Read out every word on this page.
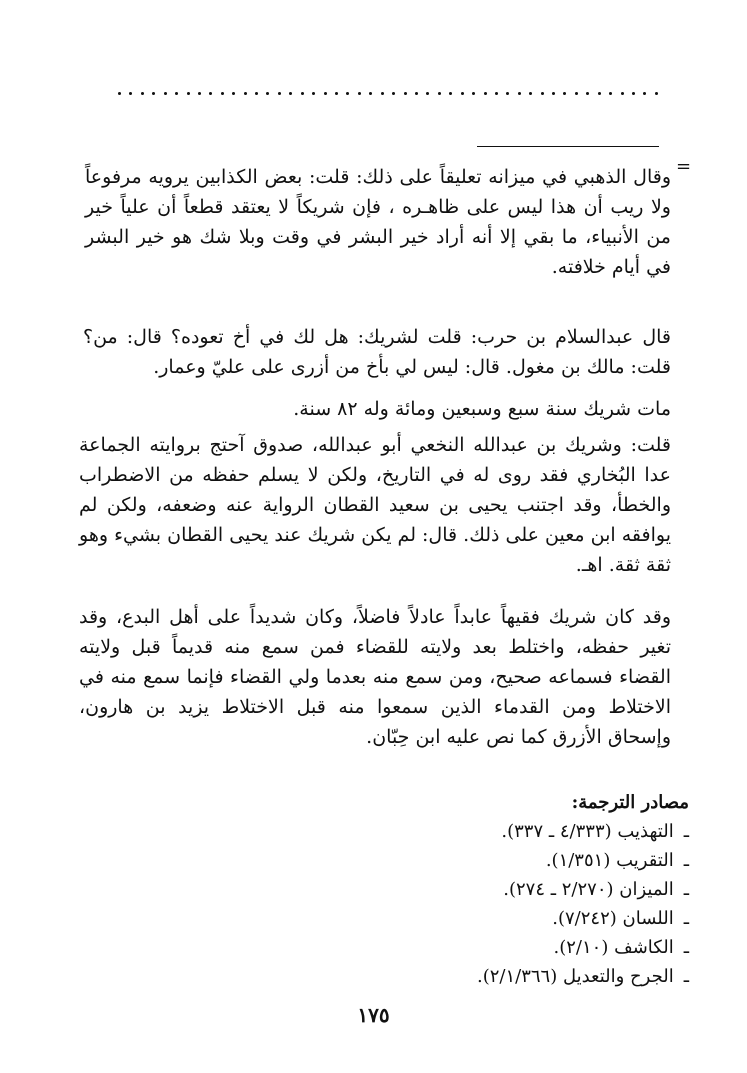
=

وقال الذهبي في ميزانه تعليقاً على ذلك: قلت: بعض الكذابين يرويه مرفوعاً ولا ريب أن هذا ليس على ظاهـره ، فإن شريكاً لا يعتقد قطعاً أن علياً خير من الأنبياء، ما بقي إلا أنه أراد خير البشر في وقت وبلا شك هو خير البشر في أيام خلافته.

قال عبدالسلام بن حرب: قلت لشريك: هل لك في أخ تعوده؟ قال: من؟ قلت: مالك بن مغول. قال: ليس لي بأخ من أزرى على عليّ وعمار.

مات شريك سنة سبع وسبعين ومائة وله ٨٢ سنة.

قلت: وشريك بن عبدالله النخعي أبو عبدالله، صدوق آحتج بروايته الجماعة عدا البُخاري فقد روى له في التاريخ، ولكن لا يسلم حفظه من الاضطراب والخطأ، وقد اجتنب يحيى بن سعيد القطان الرواية عنه وضعفه، ولكن لم يوافقه ابن معين على ذلك. قال: لم يكن شريك عند يحيى القطان بشيء وهو ثقة ثقة. اهـ.

وقد كان شريك فقيهاً عابداً عادلاً فاضلاً، وكان شديداً على أهل البدع، وقد تغير حفظه، واختلط بعد ولايته للقضاء فمن سمع منه قديماً قبل ولايته القضاء فسماعه صحيح، ومن سمع منه بعدما ولي القضاء فإنما سمع منه في الاختلاط ومن القدماء الذين سمعوا منه قبل الاختلاط يزيد بن هارون، وإسحاق الأزرق كما نص عليه ابن حِبّان.

مصادر الترجمة:
ـالتهذيب (٤/٣٣٣ ـ ٣٣٧).
ـالتقريب (١/٣٥١).
ـالميزان (٢/٢٧٠ ـ ٢٧٤).
ـاللسان (٧/٢٤٢).
ـالكاشف (٢/١٠).
ـالجرح والتعديل (٢/١/٣٦٦).
١٧٥
